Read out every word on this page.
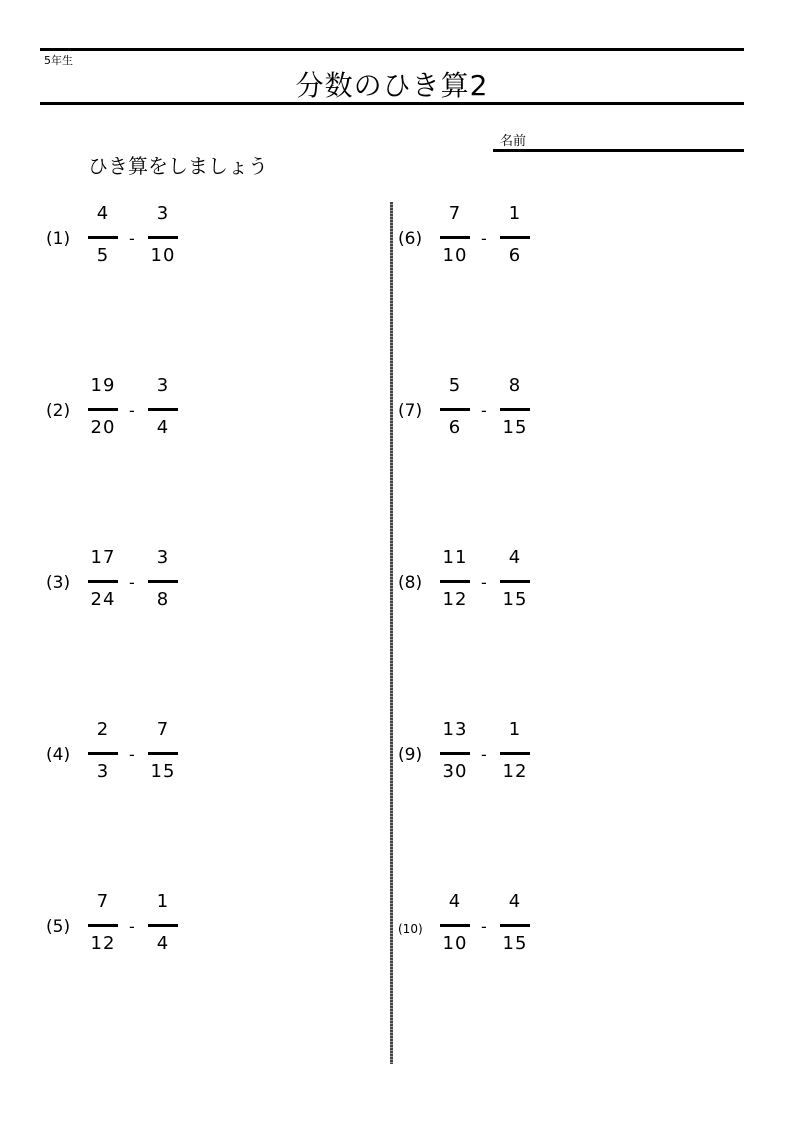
5年生
分数のひき算2
名前
ひき算をしましょう
(1)
4
5
-
3
10
(2)
19
20
-
3
4
(3)
17
24
-
3
8
(4)
2
3
-
7
15
(5)
7
12
-
1
4
(6)
7
10
-
1
6
(7)
5
6
-
8
15
(8)
11
12
-
4
15
(9)
13
30
-
1
12
(10)
4
10
-
4
15
